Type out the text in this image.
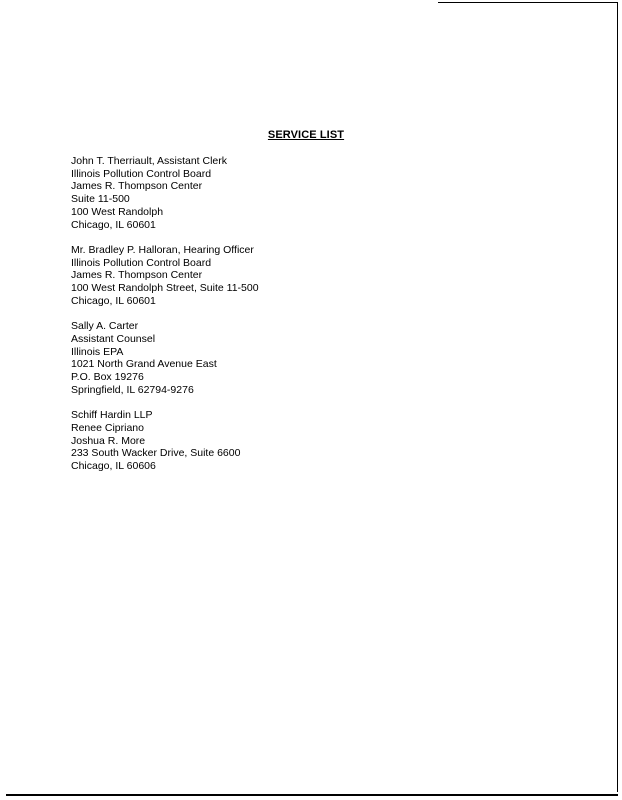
SERVICE LIST
John T. Therriault, Assistant Clerk
Illinois Pollution Control Board
James R. Thompson Center
Suite 11-500
100 West Randolph
Chicago, IL 60601
Mr. Bradley P. Halloran, Hearing Officer
Illinois Pollution Control Board
James R. Thompson Center
100 West Randolph Street, Suite 11-500
Chicago, IL 60601
Sally A. Carter
Assistant Counsel
Illinois EPA
1021 North Grand Avenue East
P.O. Box 19276
Springfield, IL 62794-9276
Schiff Hardin LLP
Renee Cipriano
Joshua R. More
233 South Wacker Drive, Suite 6600
Chicago, IL 60606
